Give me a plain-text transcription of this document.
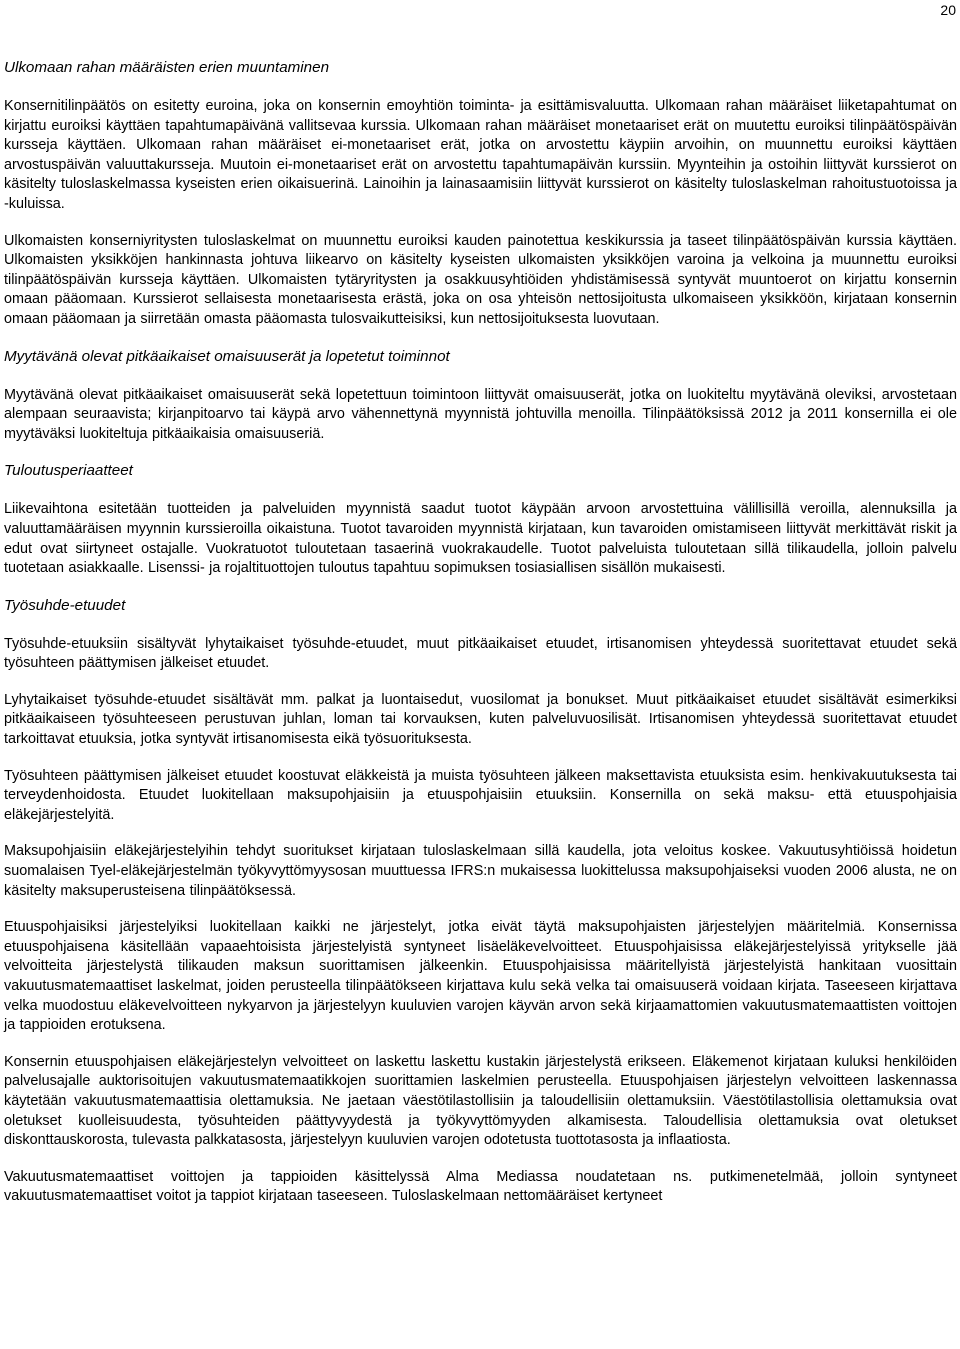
20
Ulkomaan rahan määräisten erien muuntaminen

Konsernitilinpäätös on esitetty euroina, joka on konsernin emoyhtiön toiminta- ja esittämisvaluutta. Ulkomaan rahan määräiset liiketapahtumat on kirjattu euroiksi käyttäen tapahtumapäivänä vallitsevaa kurssia. Ulkomaan rahan määräiset monetaariset erät on muutettu euroiksi tilinpäätöspäivän kursseja käyttäen. Ulkomaan rahan määräiset ei-monetaariset erät, jotka on arvostettu käypiin arvoihin, on muunnettu euroiksi käyttäen arvostuspäivän valuuttakursseja. Muutoin ei-monetaariset erät on arvostettu tapahtumapäivän kurssiin. Myynteihin ja ostoihin liittyvät kurssierot on käsitelty tuloslaskelmassa kyseisten erien oikaisuerinä. Lainoihin ja lainasaamisiin liittyvät kurssierot on käsitelty tuloslaskelman rahoitustuotoissa ja -kuluissa.

Ulkomaisten konserniyritysten tuloslaskelmat on muunnettu euroiksi kauden painotettua keskikurssia ja taseet tilinpäätöspäivän kurssia käyttäen. Ulkomaisten yksikköjen hankinnasta johtuva liikearvo on käsitelty kyseisten ulkomaisten yksikköjen varoina ja velkoina ja muunnettu euroiksi tilinpäätöspäivän kursseja käyttäen. Ulkomaisten tytäryritysten ja osakkuusyhtiöiden yhdistämisessä syntyvät muuntoerot on kirjattu konsernin omaan pääomaan. Kurssierot sellaisesta monetaarisesta erästä, joka on osa yhteisön nettosijoitusta ulkomaiseen yksikköön, kirjataan konsernin omaan pääomaan ja siirretään omasta pääomasta tulosvaikutteisiksi, kun nettosijoituksesta luovutaan.

Myytävänä olevat pitkäaikaiset omaisuuserät ja lopetetut toiminnot

Myytävänä olevat pitkäaikaiset omaisuuserät sekä lopetettuun toimintoon liittyvät omaisuuserät, jotka on luokiteltu myytävänä oleviksi, arvostetaan alempaan seuraavista; kirjanpitoarvo tai käypä arvo vähennettynä myynnistä johtuvilla menoilla. Tilinpäätöksissä 2012 ja 2011 konsernilla ei ole myytäväksi luokiteltuja pitkäaikaisia omaisuuseriä.

Tuloutusperiaatteet

Liikevaihtona esitetään tuotteiden ja palveluiden myynnistä saadut tuotot käypään arvoon arvostettuina välillisillä veroilla, alennuksilla ja valuuttamääräisen myynnin kurssieroilla oikaistuna. Tuotot tavaroiden myynnistä kirjataan, kun tavaroiden omistamiseen liittyvät merkittävät riskit ja edut ovat siirtyneet ostajalle. Vuokratuotot tuloutetaan tasaerinä vuokrakaudelle. Tuotot palveluista tuloutetaan sillä tilikaudella, jolloin palvelu tuotetaan asiakkaalle. Lisenssi- ja rojaltituottojen tuloutus tapahtuu sopimuksen tosiasiallisen sisällön mukaisesti.

Työsuhde-etuudet

Työsuhde-etuuksiin sisältyvät lyhytaikaiset työsuhde-etuudet, muut pitkäaikaiset etuudet, irtisanomisen yhteydessä suoritettavat etuudet sekä työsuhteen päättymisen jälkeiset etuudet.

Lyhytaikaiset työsuhde-etuudet sisältävät mm. palkat ja luontaisedut, vuosilomat ja bonukset. Muut pitkäaikaiset etuudet sisältävät esimerkiksi pitkäaikaiseen työsuhteeseen perustuvan juhlan, loman tai korvauksen, kuten palveluvuosilisät. Irtisanomisen yhteydessä suoritettavat etuudet tarkoittavat etuuksia, jotka syntyvät irtisanomisesta eikä työsuorituksesta.

Työsuhteen päättymisen jälkeiset etuudet koostuvat eläkkeistä ja muista työsuhteen jälkeen maksettavista etuuksista esim. henkivakuutuksesta tai terveydenhoidosta. Etuudet luokitellaan maksupohjaisiin ja etuuspohjaisiin etuuksiin. Konsernilla on sekä maksu- että etuuspohjaisia eläkejärjestelyitä.

Maksupohjaisiin eläkejärjestelyihin tehdyt suoritukset kirjataan tuloslaskelmaan sillä kaudella, jota veloitus koskee. Vakuutusyhtiöissä hoidetun suomalaisen Tyel-eläkejärjestelmän työkyvyttömyysosan muuttuessa IFRS:n mukaisessa luokittelussa maksupohjaiseksi vuoden 2006 alusta, ne on käsitelty maksuperusteisena tilinpäätöksessä.

Etuuspohjaisiksi järjestelyiksi luokitellaan kaikki ne järjestelyt, jotka eivät täytä maksupohjaisten järjestelyjen määritelmiä. Konsernissa etuuspohjaisena käsitellään vapaaehtoisista järjestelyistä syntyneet lisäeläkevelvoitteet. Etuuspohjaisissa eläkejärjestelyissä yritykselle jää velvoitteita järjestelystä tilikauden maksun suorittamisen jälkeenkin. Etuuspohjaisissa määritellyistä järjestelyistä hankitaan vuosittain vakuutusmatemaattiset laskelmat, joiden perusteella tilinpäätökseen kirjattava kulu sekä velka tai omaisuuserä voidaan kirjata. Taseeseen kirjattava velka muodostuu eläkevelvoitteen nykyarvon ja järjestelyyn kuuluvien varojen käyvän arvon sekä kirjaamattomien vakuutusmatemaattisten voittojen ja tappioiden erotuksena.

Konsernin etuuspohjaisen eläkejärjestelyn velvoitteet on laskettu laskettu kustakin järjestelystä erikseen. Eläkemenot kirjataan kuluksi henkilöiden palvelusajalle auktorisoitujen vakuutusmatemaatikkojen suorittamien laskelmien perusteella. Etuuspohjaisen järjestelyn velvoitteen laskennassa käytetään vakuutusmatemaattisia olettamuksia. Ne jaetaan väestötilastollisiin ja taloudellisiin olettamuksiin. Väestötilastollisia olettamuksia ovat oletukset kuolleisuudesta, työsuhteiden päättyvyydestä ja työkyvyttömyyden alkamisesta. Taloudellisia olettamuksia ovat oletukset diskonttauskorosta, tulevasta palkkatasosta, järjestelyyn kuuluvien varojen odotetusta tuottotasosta ja inflaatiosta.

Vakuutusmatemaattiset voittojen ja tappioiden käsittelyssä Alma Mediassa noudatetaan ns. putkimenetelmää, jolloin syntyneet vakuutusmatemaattiset voitot ja tappiot kirjataan taseeseen. Tuloslaskelmaan nettomääräiset kertyneet
